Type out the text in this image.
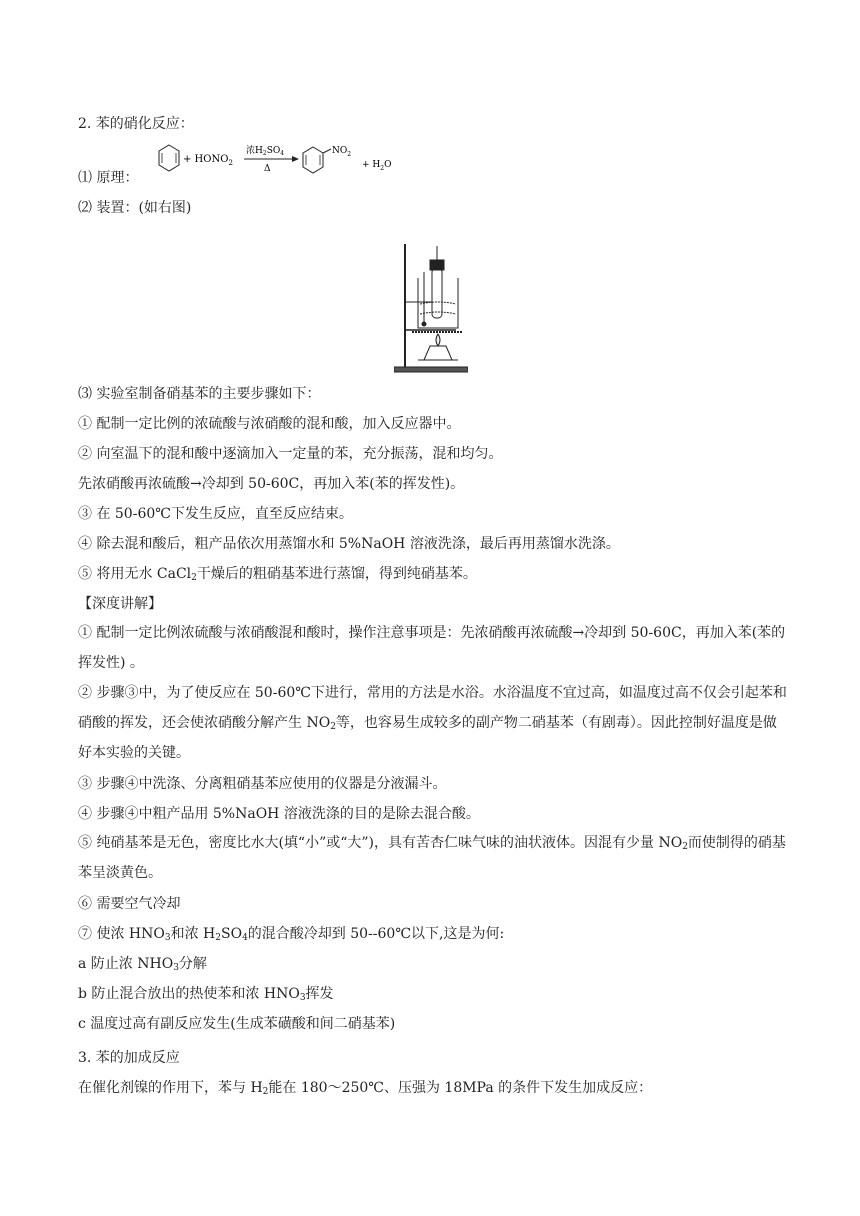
2. 苯的硝化反应：
⑴ 原理：
+ $HONO_2$
浓$H_2SO_4$
Δ
$NO_2$
+ $H_2O$
⑵ 装置：(如右图)
⑶ 实验室制备硝基苯的主要步骤如下：
① 配制一定比例的浓硫酸与浓硝酸的混和酸，加入反应器中。
② 向室温下的混和酸中逐滴加入一定量的苯，充分振荡，混和均匀。
先浓硝酸再浓硫酸→冷却到 50-60C，再加入苯(苯的挥发性)。
③ 在 50-60℃下发生反应，直至反应结束。
④ 除去混和酸后，粗产品依次用蒸馏水和 5%NaOH 溶液洗涤，最后再用蒸馏水洗涤。
⑤ 将用无水 CaCl$_2$干燥后的粗硝基苯进行蒸馏，得到纯硝基苯。
【深度讲解】
① 配制一定比例浓硫酸与浓硝酸混和酸时，操作注意事项是：先浓硝酸再浓硫酸→冷却到 50-60C，再加入苯(苯的挥发性) 。
② 步骤③中，为了使反应在 50-60℃下进行，常用的方法是水浴。水浴温度不宜过高，如温度过高不仅会引起苯和硝酸的挥发，还会使浓硝酸分解产生 $NO_2$等，也容易生成较多的副产物二硝基苯（有剧毒）。因此控制好温度是做好本实验的关键。
③ 步骤④中洗涤、分离粗硝基苯应使用的仪器是分液漏斗。
④ 步骤④中粗产品用 5%NaOH 溶液洗涤的目的是除去混合酸。
⑤ 纯硝基苯是无色，密度比水大(填“小”或“大”)，具有苦杏仁味气味的油状液体。因混有少量 $NO_2$而使制得的硝基苯呈淡黄色。
⑥ 需要空气冷却
⑦ 使浓 $HNO_3$和浓 $H_2SO_4$的混合酸冷却到 50--60℃以下,这是为何:
a 防止浓 $NHO_3$分解
b 防止混合放出的热使苯和浓 $HNO_3$挥发
c 温度过高有副反应发生(生成苯磺酸和间二硝基苯)
3. 苯的加成反应
在催化剂镍的作用下，苯与 $H_2$能在 180～250℃、压强为 18MPa 的条件下发生加成反应：
